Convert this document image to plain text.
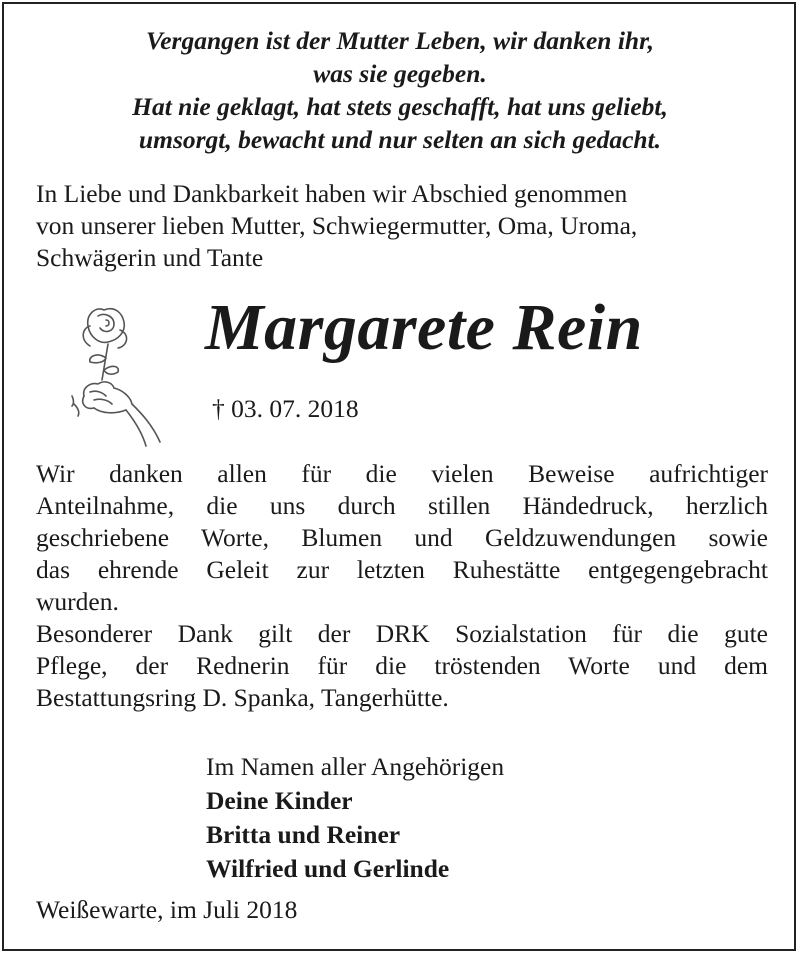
Vergangen ist der Mutter Leben, wir danken ihr,
was sie gegeben.
Hat nie geklagt, hat stets geschafft, hat uns geliebt,
umsorgt, bewacht und nur selten an sich gedacht.
In Liebe und Dankbarkeit haben wir Abschied genommen
von unserer lieben Mutter, Schwiegermutter, Oma, Uroma,
Schwägerin und Tante
Margarete Rein
† 03. 07. 2018
Wir danken allen für die vielen Beweise aufrichtiger
Anteilnahme, die uns durch stillen Händedruck, herzlich
geschriebene Worte, Blumen und Geldzuwendungen sowie
das ehrende Geleit zur letzten Ruhestätte entgegengebracht
wurden.
Besonderer Dank gilt der DRK Sozialstation für die gute
Pflege, der Rednerin für die tröstenden Worte und dem
Bestattungsring D. Spanka, Tangerhütte.
Im Namen aller Angehörigen
Deine Kinder
Britta und Reiner
Wilfried und Gerlinde
Weißewarte, im Juli 2018
